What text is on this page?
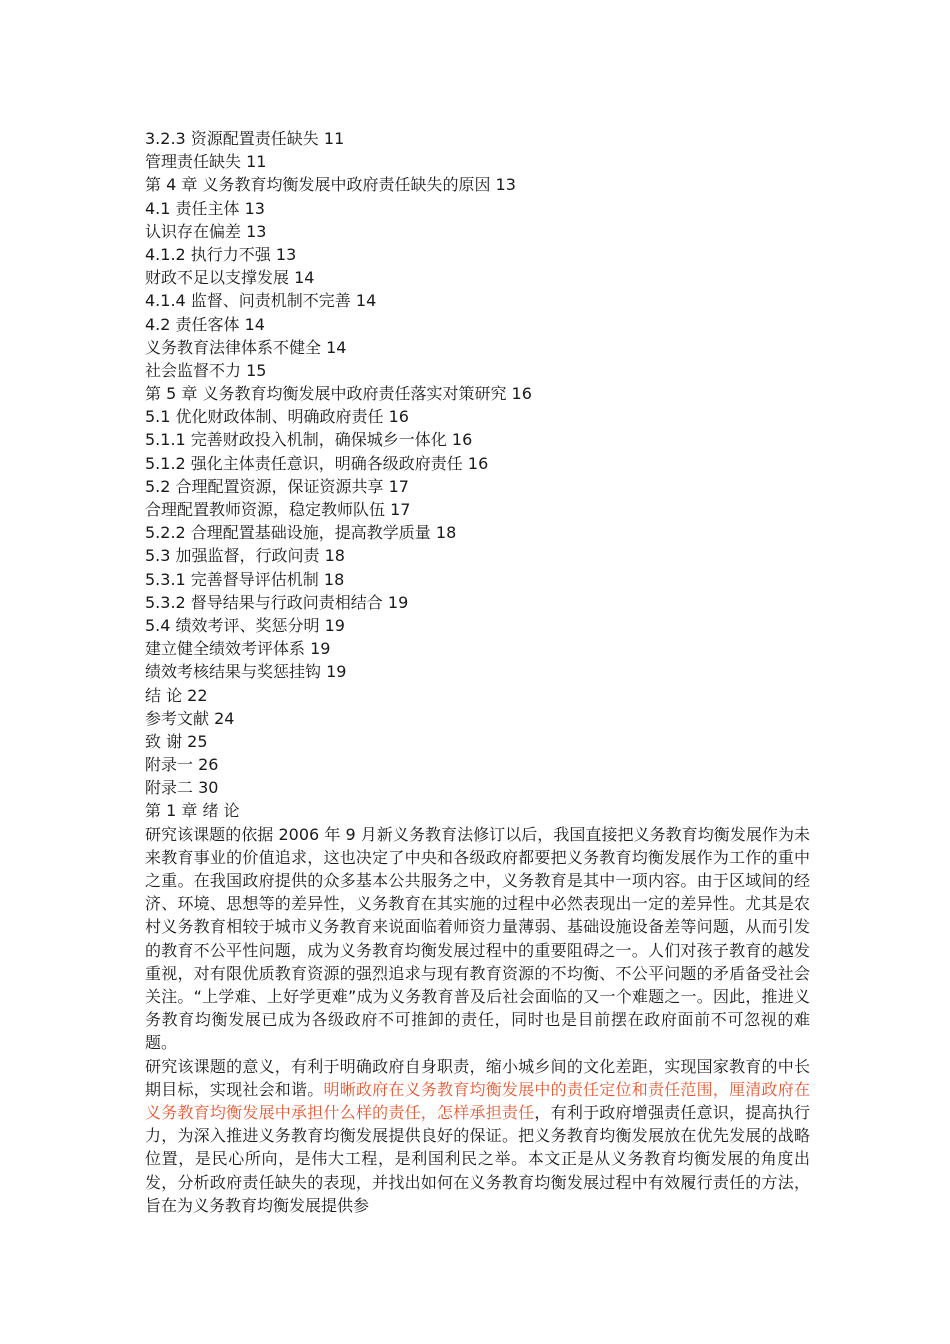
3.2.3 资源配置责任缺失 11
管理责任缺失 11
第 4 章 义务教育均衡发展中政府责任缺失的原因 13
4.1 责任主体 13
认识存在偏差 13
4.1.2 执行力不强 13
财政不足以支撑发展 14
4.1.4 监督、问责机制不完善 14
4.2 责任客体 14
义务教育法律体系不健全 14
社会监督不力 15
第 5 章 义务教育均衡发展中政府责任落实对策研究 16
5.1 优化财政体制、明确政府责任 16
5.1.1 完善财政投入机制，确保城乡一体化 16
5.1.2 强化主体责任意识，明确各级政府责任 16
5.2 合理配置资源，保证资源共享 17
合理配置教师资源，稳定教师队伍 17
5.2.2 合理配置基础设施，提高教学质量 18
5.3 加强监督，行政问责 18
5.3.1 完善督导评估机制 18
5.3.2 督导结果与行政问责相结合 19
5.4 绩效考评、奖惩分明 19
建立健全绩效考评体系 19
绩效考核结果与奖惩挂钩 19
结 论 22
参考文献 24
致 谢 25
附录一 26
附录二 30
第 1 章 绪 论

研究该课题的依据 2006 年 9 月新义务教育法修订以后，我国直接把义务教育均衡发展作为未来教育事业的价值追求，这也决定了中央和各级政府都要把义务教育均衡发展作为工作的重中之重。在我国政府提供的众多基本公共服务之中，义务教育是其中一项内容。由于区域间的经济、环境、思想等的差异性，义务教育在其实施的过程中必然表现出一定的差异性。尤其是农村义务教育相较于城市义务教育来说面临着师资力量薄弱、基础设施设备差等问题，从而引发的教育不公平性问题，成为义务教育均衡发展过程中的重要阻碍之一。人们对孩子教育的越发重视，对有限优质教育资源的强烈追求与现有教育资源的不均衡、不公平问题的矛盾备受社会关注。“上学难、上好学更难”成为义务教育普及后社会面临的又一个难题之一。因此，推进义务教育均衡发展已成为各级政府不可推卸的责任，同时也是目前摆在政府面前不可忽视的难题。

研究该课题的意义，有利于明确政府自身职责，缩小城乡间的文化差距，实现国家教育的中长期目标，实现社会和谐。明晰政府在义务教育均衡发展中的责任定位和责任范围，厘清政府在义务教育均衡发展中承担什么样的责任，怎样承担责任，有利于政府增强责任意识，提高执行力，为深入推进义务教育均衡发展提供良好的保证。把义务教育均衡发展放在优先发展的战略位置，是民心所向，是伟大工程，是利国利民之举。本文正是从义务教育均衡发展的角度出发，分析政府责任缺失的表现，并找出如何在义务教育均衡发展过程中有效履行责任的方法，旨在为义务教育均衡发展提供参
